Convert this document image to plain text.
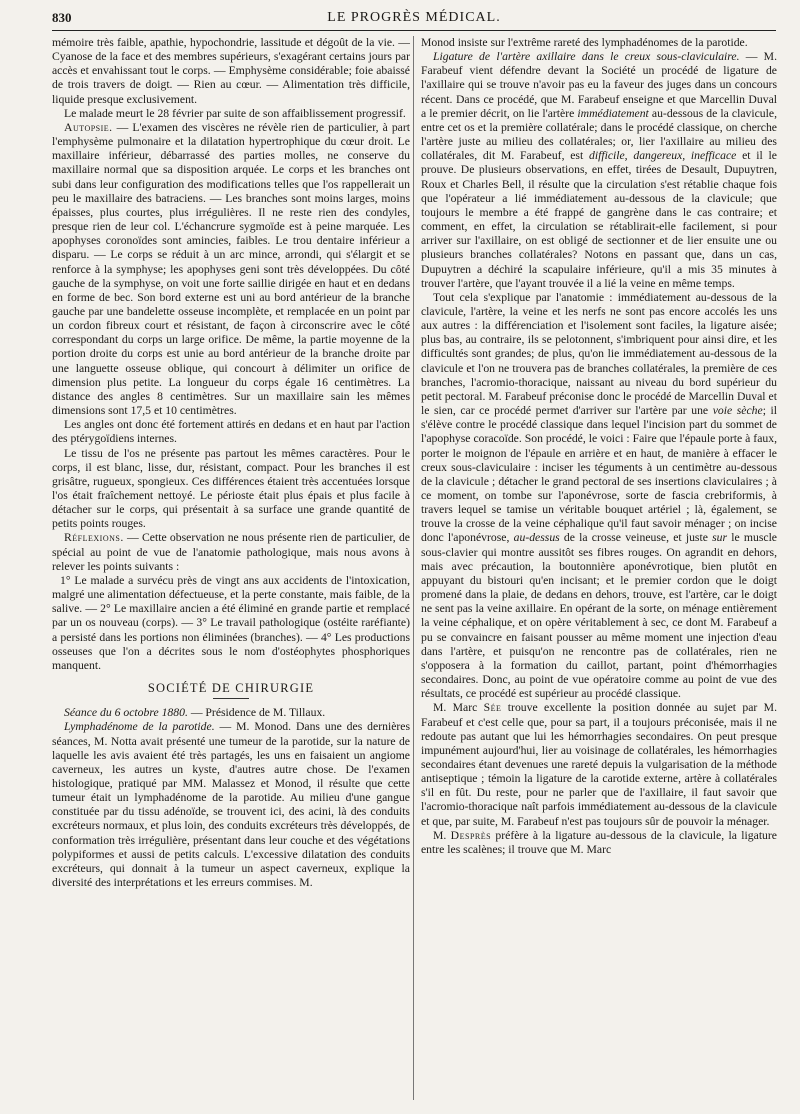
830	LE PROGRÈS MÉDICAL.

mémoire très faible, apathie, hypochondrie, lassitude et dégoût de la vie. — Cyanose de la face et des membres supérieurs, s'exagérant certains jours par accès et envahissant tout le corps. — Emphysème considérable; foie abaissé de trois travers de doigt. — Rien au cœur. — Alimentation très difficile, liquide presque exclusivement.

Le malade meurt le 28 février par suite de son affaiblissement progressif.

Autopsie. — L'examen des viscères ne révèle rien de particulier, à part l'emphysème pulmonaire et la dilatation hypertrophique du cœur droit. Le maxillaire inférieur, débarrassé des parties molles, ne conserve du maxillaire normal que sa disposition arquée. Le corps et les branches ont subi dans leur configuration des modifications telles que l'os rappellerait un peu le maxillaire des batraciens. — Les branches sont moins larges, moins épaisses, plus courtes, plus irrégulières. Il ne reste rien des condyles, presque rien de leur col. L'échancrure sygmoïde est à peine marquée. Les apophyses coronoïdes sont amincies, faibles. Le trou dentaire inférieur a disparu. — Le corps se réduit à un arc mince, arrondi, qui s'élargit et se renforce à la symphyse; les apophyses geni sont très développées. Du côté gauche de la symphyse, on voit une forte saillie dirigée en haut et en dedans en forme de bec. Son bord externe est uni au bord antérieur de la branche gauche par une bandelette osseuse incomplète, et remplacée en un point par un cordon fibreux court et résistant, de façon à circonscrire avec le côté correspondant du corps un large orifice. De même, la partie moyenne de la portion droite du corps est unie au bord antérieur de la branche droite par une languette osseuse oblique, qui concourt à délimiter un orifice de dimension plus petite. La longueur du corps égale 16 centimètres. La distance des angles 8 centimètres. Sur un maxillaire sain les mêmes dimensions sont 17,5 et 10 centimètres.

Les angles ont donc été fortement attirés en dedans et en haut par l'action des ptérygoïdiens internes.

Le tissu de l'os ne présente pas partout les mêmes caractères. Pour le corps, il est blanc, lisse, dur, résistant, compact. Pour les branches il est grisâtre, rugueux, spongieux. Ces différences étaient très accentuées lorsque l'os était fraîchement nettoyé. Le périoste était plus épais et plus facile à détacher sur le corps, qui présentait à sa surface une grande quantité de petits points rouges.

Réflexions. — Cette observation ne nous présente rien de particulier, de spécial au point de vue de l'anatomie pathologique, mais nous avons à relever les points suivants :

1° Le malade a survécu près de vingt ans aux accidents de l'intoxication, malgré une alimentation défectueuse, et la perte constante, mais faible, de la salive. — 2° Le maxillaire ancien a été éliminé en grande partie et remplacé par un os nouveau (corps). — 3° Le travail pathologique (ostéite raréfiante) a persisté dans les portions non éliminées (branches). — 4° Les productions osseuses que l'on a décrites sous le nom d'ostéophytes phosphoriques manquent.

SOCIÉTÉ DE CHIRURGIE

Séance du 6 octobre 1880. — Présidence de M. Tillaux.

Lymphadénome de la parotide. — M. Monod. Dans une des dernières séances, M. Notta avait présenté une tumeur de la parotide, sur la nature de laquelle les avis avaient été très partagés, les uns en faisaient un angiome caverneux, les autres un kyste, d'autres autre chose. De l'examen histologique, pratiqué par MM. Malassez et Monod, il résulte que cette tumeur était un lymphadénome de la parotide. Au milieu d'une gangue constituée par du tissu adénoïde, se trouvent ici, des acini, là des conduits excréteurs normaux, et plus loin, des conduits excréteurs très développés, de conformation très irrégulière, présentant dans leur couche et des végétations polypiformes et aussi de petits calculs. L'excessive dilatation des conduits excréteurs, qui donnait à la tumeur un aspect caverneux, explique la diversité des interprétations et les erreurs commises. M.

Monod insiste sur l'extrême rareté des lymphadénomes de la parotide.

Ligature de l'artère axillaire dans le creux sous-claviculaire. — M. Farabeuf vient défendre devant la Société un procédé de ligature de l'axillaire qui se trouve n'avoir pas eu la faveur des juges dans un concours récent. Dans ce procédé, que M. Farabeuf enseigne et que Marcellin Duval a le premier décrit, on lie l'artère immédiatement au-dessous de la clavicule, entre cet os et la première collatérale; dans le procédé classique, on cherche l'artère juste au milieu des collatérales; or, lier l'axillaire au milieu des collatérales, dit M. Farabeuf, est difficile, dangereux, inefficace et il le prouve. De plusieurs observations, en effet, tirées de Desault, Dupuytren, Roux et Charles Bell, il résulte que la circulation s'est rétablie chaque fois que l'opérateur a lié immédiatement au-dessous de la clavicule; que toujours le membre a été frappé de gangrène dans le cas contraire; et comment, en effet, la circulation se rétablirait-elle facilement, si pour arriver sur l'axillaire, on est obligé de sectionner et de lier ensuite une ou plusieurs branches collatérales? Notons en passant que, dans un cas, Dupuytren a déchiré la scapulaire inférieure, qu'il a mis 35 minutes à trouver l'artère, que l'ayant trouvée il a lié la veine en même temps.

Tout cela s'explique par l'anatomie : immédiatement au-dessous de la clavicule, l'artère, la veine et les nerfs ne sont pas encore accolés les uns aux autres : la différenciation et l'isolement sont faciles, la ligature aisée; plus bas, au contraire, ils se pelotonnent, s'imbriquent pour ainsi dire, et les difficultés sont grandes; de plus, qu'on lie immédiatement au-dessous de la clavicule et l'on ne trouvera pas de branches collatérales, la première de ces branches, l'acromio-thoracique, naissant au niveau du bord supérieur du petit pectoral. M. Farabeuf préconise donc le procédé de Marcellin Duval et le sien, car ce procédé permet d'arriver sur l'artère par une voie sèche; il s'élève contre le procédé classique dans lequel l'incision part du sommet de l'apophyse coracoïde. Son procédé, le voici : Faire que l'épaule porte à faux, porter le moignon de l'épaule en arrière et en haut, de manière à effacer le creux sous-claviculaire : inciser les téguments à un centimètre au-dessous de la clavicule ; détacher le grand pectoral de ses insertions claviculaires ; à ce moment, on tombe sur l'aponévrose, sorte de fascia crebriformis, à travers lequel se tamise un véritable bouquet artériel ; là, également, se trouve la crosse de la veine céphalique qu'il faut savoir ménager ; on incise donc l'aponévrose, au-dessus de la crosse veineuse, et juste sur le muscle sous-clavier qui montre aussitôt ses fibres rouges. On agrandit en dehors, mais avec précaution, la boutonnière aponévrotique, bien plutôt en appuyant du bistouri qu'en incisant; et le premier cordon que le doigt promené dans la plaie, de dedans en dehors, trouve, est l'artère, car le doigt ne sent pas la veine axillaire. En opérant de la sorte, on ménage entièrement la veine céphalique, et on opère véritablement à sec, ce dont M. Farabeuf a pu se convaincre en faisant pousser au même moment une injection d'eau dans l'artère, et puisqu'on ne rencontre pas de collatérales, rien ne s'opposera à la formation du caillot, partant, point d'hémorrhagies secondaires. Donc, au point de vue opératoire comme au point de vue des résultats, ce procédé est supérieur au procédé classique.

M. Marc Sée trouve excellente la position donnée au sujet par M. Farabeuf et c'est celle que, pour sa part, il a toujours préconisée, mais il ne redoute pas autant que lui les hémorrhagies secondaires. On peut presque impunément aujourd'hui, lier au voisinage de collatérales, les hémorrhagies secondaires étant devenues une rareté depuis la vulgarisation de la méthode antiseptique ; témoin la ligature de la carotide externe, artère à collatérales s'il en fût. Du reste, pour ne parler que de l'axillaire, il faut savoir que l'acromio-thoracique naît parfois immédiatement au-dessous de la clavicule et que, par suite, M. Farabeuf n'est pas toujours sûr de pouvoir la ménager.

M. Desprès préfère à la ligature au-dessous de la clavicule, la ligature entre les scalènes; il trouve que M. Marc
